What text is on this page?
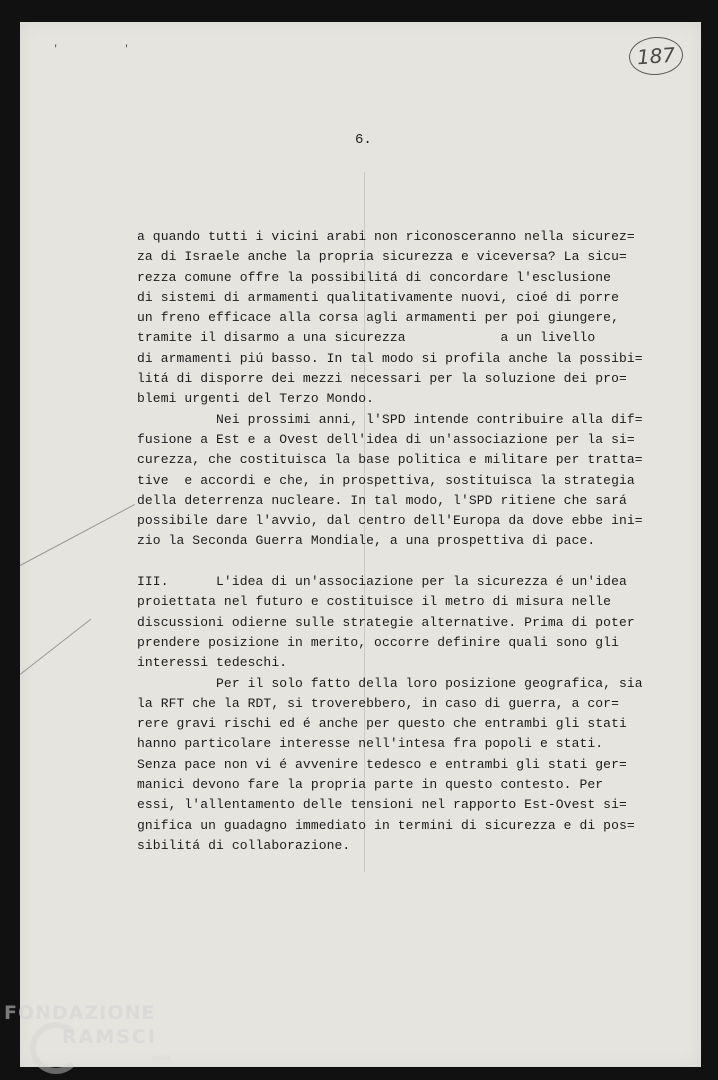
' '	187
6.
a quando tutti i vicini arabi non riconosceranno nella sicurez=
za di Israele anche la propria sicurezza e viceversa? La sicu=
rezza comune offre la possibilitá di concordare l'esclusione
di sistemi di armamenti qualitativamente nuovi, cioé di porre
un freno efficace alla corsa agli armamenti per poi giungere,
tramite il disarmo a una sicurezza            a un livello
di armamenti piú basso. In tal modo si profila anche la possibi=
litá di disporre dei mezzi necessari per la soluzione dei pro=
blemi urgenti del Terzo Mondo.
Nei prossimi anni, l'SPD intende contribuire alla dif=
fusione a Est e a Ovest dell'idea di un'associazione per la si=
curezza, che costituisca la base politica e militare per tratta=
tive  e accordi e che, in prospettiva, sostituisca la strategia
della deterrenza nucleare. In tal modo, l'SPD ritiene che sará
possibile dare l'avvio, dal centro dell'Europa da dove ebbe ini=
zio la Seconda Guerra Mondiale, a una prospettiva di pace.
III.      L'idea di un'associazione per la sicurezza é un'idea
proiettata nel futuro e costituisce il metro di misura nelle
discussioni odierne sulle strategie alternative. Prima di poter
prendere posizione in merito, occorre definire quali sono gli
interessi tedeschi.
Per il solo fatto della loro posizione geografica, sia
la RFT che la RDT, si troverebbero, in caso di guerra, a cor=
rere gravi rischi ed é anche per questo che entrambi gli stati
hanno particolare interesse nell'intesa fra popoli e stati.
Senza pace non vi é avvenire tedesco e entrambi gli stati ger=
manici devono fare la propria parte in questo contesto. Per
essi, l'allentamento delle tensioni nel rapporto Est-Ovest si=
gnifica un guadagno immediato in termini di sicurezza e di pos=
sibilitá di collaborazione.
FONDAZIONE
RAMSCI
onlus
